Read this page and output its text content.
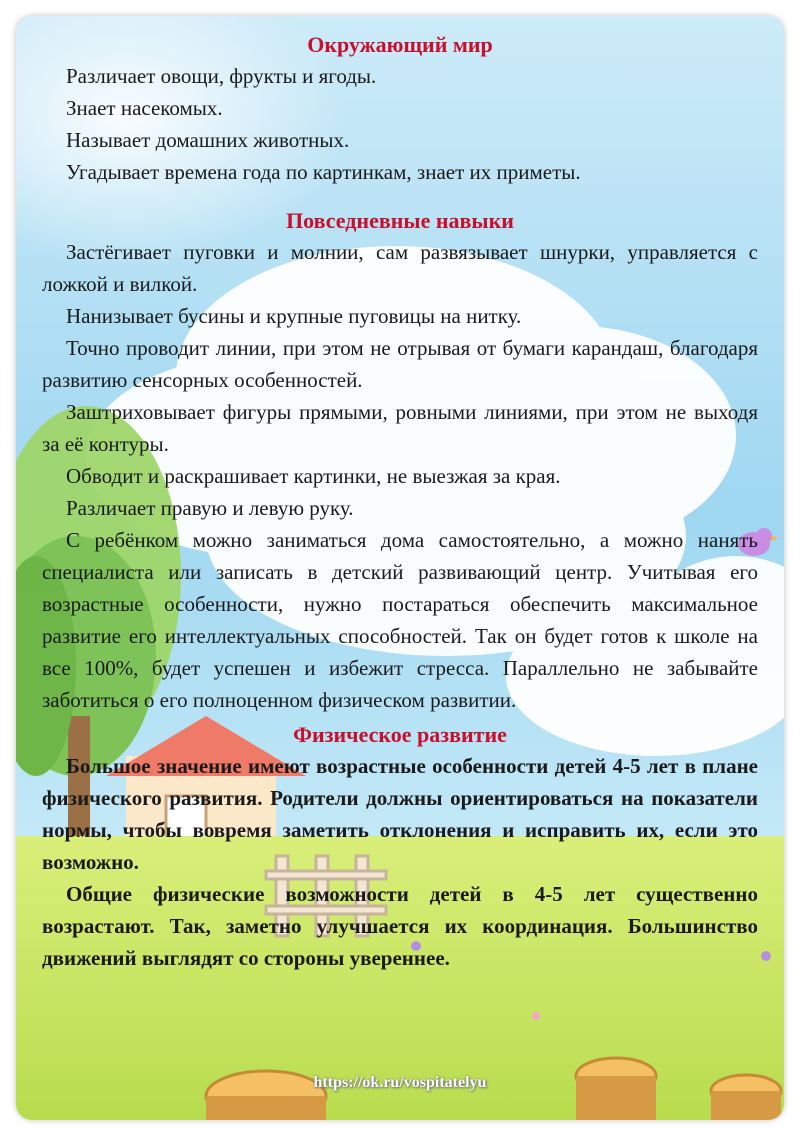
Окружающий мир

Различает овощи, фрукты и ягоды.

Знает насекомых.

Называет домашних животных.

Угадывает времена года по картинкам, знает их приметы.

Повседневные навыки

Застёгивает пуговки и молнии, сам развязывает шнурки, управляется с ложкой и вилкой.

Нанизывает бусины и крупные пуговицы на нитку.

Точно проводит линии, при этом не отрывая от бумаги карандаш, благодаря развитию сенсорных особенностей.

Заштриховывает фигуры прямыми, ровными линиями, при этом не выходя за её контуры.

Обводит и раскрашивает картинки, не выезжая за края.

Различает правую и левую руку.

С ребёнком можно заниматься дома самостоятельно, а можно нанять специалиста или записать в детский развивающий центр. Учитывая его возрастные особенности, нужно постараться обеспечить максимальное развитие его интеллектуальных способностей. Так он будет готов к школе на все 100%, будет успешен и избежит стресса. Параллельно не забывайте заботиться о его полноценном физическом развитии.

Физическое развитие

Большое значение имеют возрастные особенности детей 4-5 лет в плане физического развития. Родители должны ориентироваться на показатели нормы, чтобы вовремя заметить отклонения и исправить их, если это возможно.

Общие физические возможности детей в 4-5 лет существенно возрастают. Так, заметно улучшается их координация. Большинство движений выглядят со стороны увереннее.

https://ok.ru/vospitatelyu
